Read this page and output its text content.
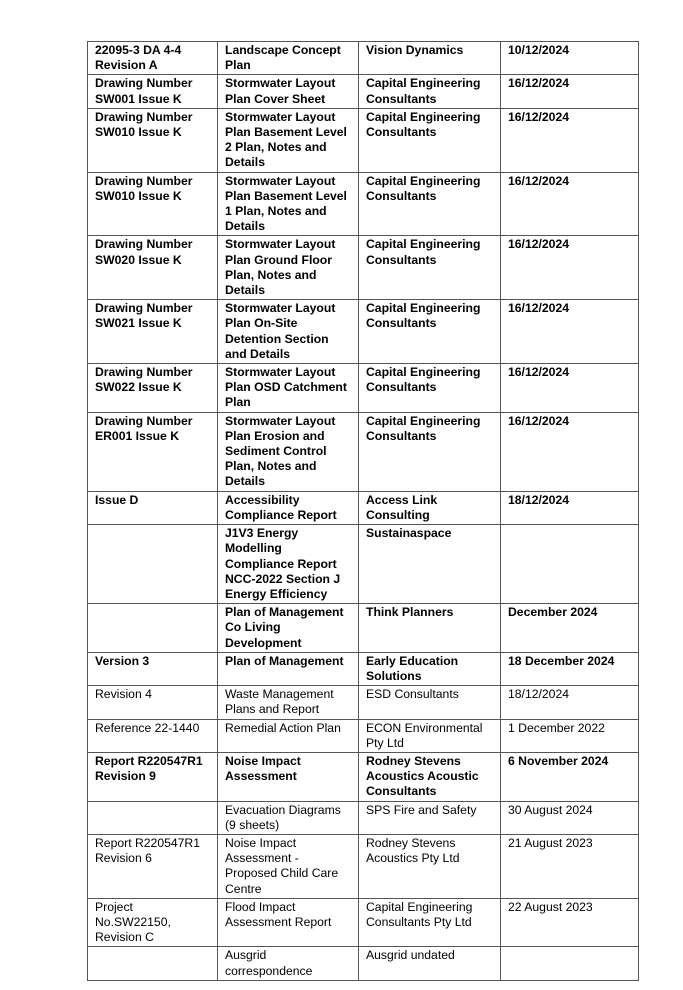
22095-3 DA 4-4 Revision A	Landscape Concept Plan	Vision Dynamics	10/12/2024
Drawing Number SW001 Issue K	Stormwater Layout Plan Cover Sheet	Capital Engineering Consultants	16/12/2024
Drawing Number SW010 Issue K	Stormwater Layout Plan Basement Level 2 Plan, Notes and Details	Capital Engineering Consultants	16/12/2024
Drawing Number SW010 Issue K	Stormwater Layout Plan Basement Level 1 Plan, Notes and Details	Capital Engineering Consultants	16/12/2024
Drawing Number SW020 Issue K	Stormwater Layout Plan Ground Floor Plan, Notes and Details	Capital Engineering Consultants	16/12/2024
Drawing Number SW021 Issue K	Stormwater Layout Plan On-Site Detention Section and Details	Capital Engineering Consultants	16/12/2024
Drawing Number SW022 Issue K	Stormwater Layout Plan OSD Catchment Plan	Capital Engineering Consultants	16/12/2024
Drawing Number ER001 Issue K	Stormwater Layout Plan Erosion and Sediment Control Plan, Notes and Details	Capital Engineering Consultants	16/12/2024
Issue D	Accessibility Compliance Report	Access Link Consulting	18/12/2024
	J1V3 Energy Modelling Compliance Report NCC-2022 Section J Energy Efficiency	Sustainaspace	
	Plan of Management Co Living Development	Think Planners	December 2024
Version 3	Plan of Management	Early Education Solutions	18 December 2024
Revision 4	Waste Management Plans and Report	ESD Consultants	18/12/2024
Reference 22-1440	Remedial Action Plan	ECON Environmental Pty Ltd	1 December 2022
Report R220547R1 Revision 9	Noise Impact Assessment	Rodney Stevens Acoustics Acoustic Consultants	6 November 2024
	Evacuation Diagrams (9 sheets)	SPS Fire and Safety	30 August 2024
Report R220547R1 Revision 6	Noise Impact Assessment - Proposed Child Care Centre	Rodney Stevens Acoustics Pty Ltd	21 August 2023
Project No.SW22150, Revision C	Flood Impact Assessment Report	Capital Engineering Consultants Pty Ltd	22 August 2023
	Ausgrid correspondence	Ausgrid undated	
